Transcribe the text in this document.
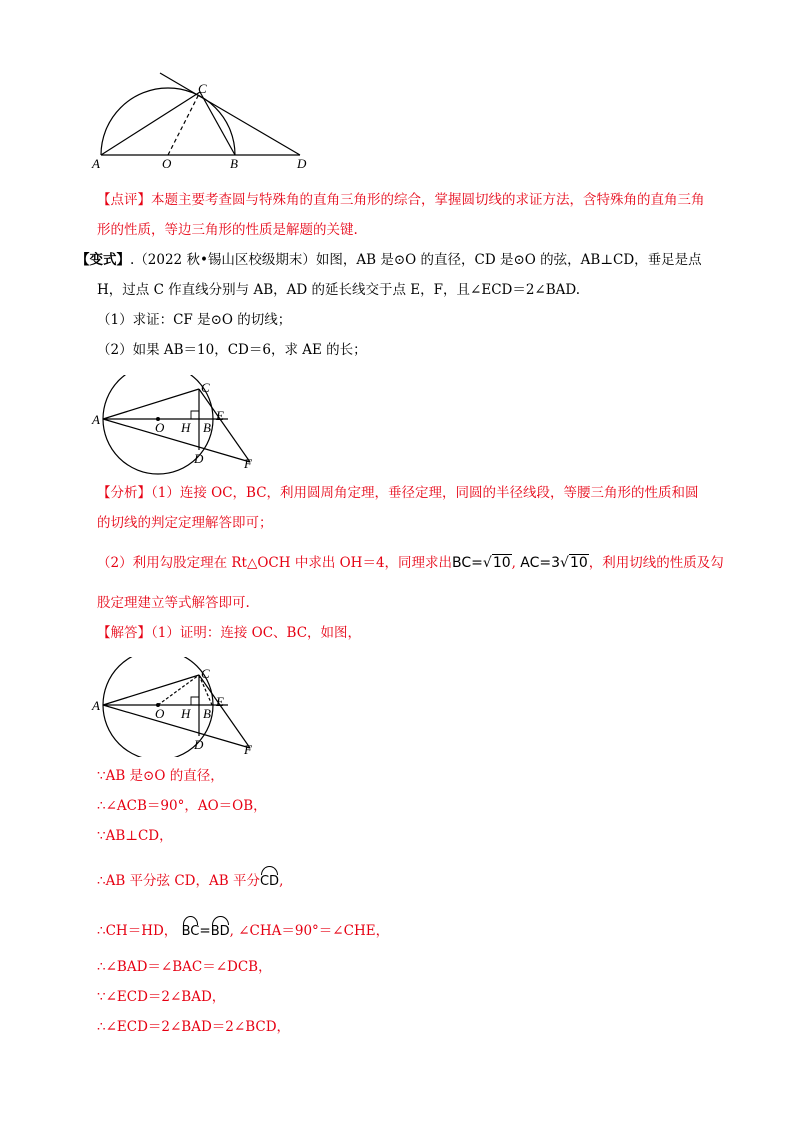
C
A	O	B	D
【点评】本题主要考查圆与特殊角的直角三角形的综合，掌握圆切线的求证方法，含特殊角的直角三角
形的性质，等边三角形的性质是解题的关键.
【变式】.（2022 秋•锡山区校级期末）如图，AB 是⊙O 的直径，CD 是⊙O 的弦，AB⊥CD，垂足是点
H，过点 C 作直线分别与 AB，AD 的延长线交于点 E，F，且∠ECD＝2∠BAD.
（1）求证：CF 是⊙O 的切线；
（2）如果 AB＝10，CD＝6，求 AE 的长；
A
O H B
C
E
D	F
【分析】（1）连接 OC，BC，利用圆周角定理，垂径定理，同圆的半径线段，等腰三角形的性质和圆
的切线的判定定理解答即可；
（2）利用勾股定理在 Rt△OCH 中求出 OH＝4，同理求出BC=√10, AC=3√10，利用切线的性质及勾
股定理建立等式解答即可.
【解答】（1）证明：连接 OC、BC，如图，
A
O H B
C
E
D	F
∵AB 是⊙O 的直径，
∴∠ACB＝90°，AO＝OB，
∵AB⊥CD，
∴AB 平分弦 CD，AB 平分CD,
∴CH＝HD， BC=BD, ∠CHA＝90°＝∠CHE，
∴∠BAD＝∠BAC＝∠DCB，
∵∠ECD＝2∠BAD，
∴∠ECD＝2∠BAD＝2∠BCD，
